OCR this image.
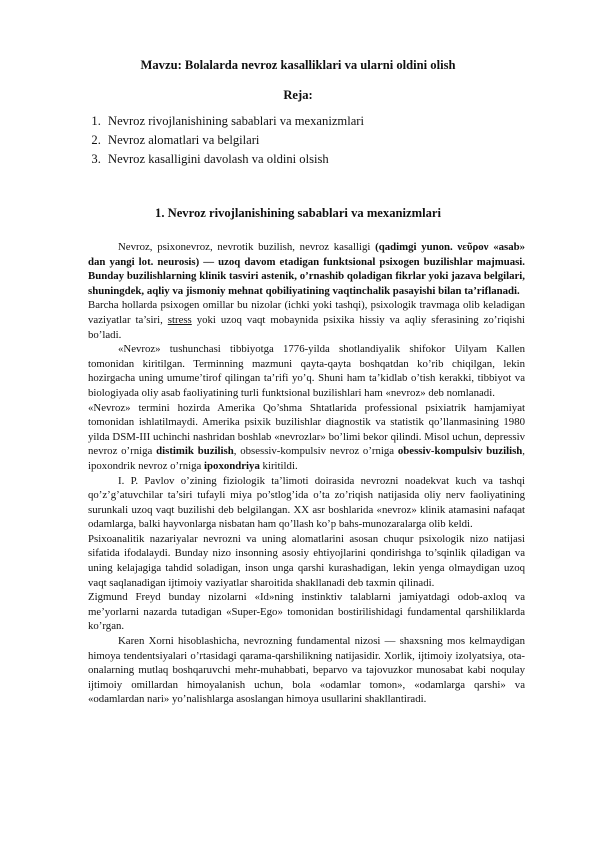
Mavzu: Bolalarda nevroz kasalliklari va ularni oldini olish
Reja:
1. Nevroz rivojlanishining sabablari va mexanizmlari
2. Nevroz alomatlari va belgilari
3. Nevroz kasalligini davolash va oldini olsish
1. Nevroz rivojlanishining sabablari va mexanizmlari

Nevroz, psixonevroz, nevrotik buzilish, nevroz kasalligi (qadimgi yunon. νεῦρον «asab» dan yangi lot. neurosis) — uzoq davom etadigan funktsional psixogen buzilishlar majmuasi. Bunday buzilishlarning klinik tasviri astenik, o’rnashib qoladigan fikrlar yoki jazava belgilari, shuningdek, aqliy va jismoniy mehnat qobiliyatining vaqtinchalik pasayishi bilan ta’riflanadi.

Barcha hollarda psixogen omillar bu nizolar (ichki yoki tashqi), psixologik travmaga olib keladigan vaziyatlar ta’siri, stress yoki uzoq vaqt mobaynida psixika hissiy va aqliy sferasining zo’riqishi bo’ladi.

«Nevroz» tushunchasi tibbiyotga 1776-yilda shotlandiyalik shifokor Uilyam Kallen tomonidan kiritilgan. Terminning mazmuni qayta-qayta boshqatdan ko’rib chiqilgan, lekin hozirgacha uning umume’tirof qilingan ta’rifi yo’q. Shuni ham ta’kidlab o’tish kerakki, tibbiyot va biologiyada oliy asab faoliyatining turli funktsional buzilishlari ham «nevroz» deb nomlanadi.

«Nevroz» termini hozirda Amerika Qo’shma Shtatlarida professional psixiatrik hamjamiyat tomonidan ishlatilmaydi. Amerika psixik buzilishlar diagnostik va statistik qo’llanmasining 1980 yilda DSM-III uchinchi nashridan boshlab «nevrozlar» bo’limi bekor qilindi. Misol uchun, depressiv nevroz o’rniga distimik buzilish, obsessiv-kompulsiv nevroz o’rniga obessiv-kompulsiv buzilish, ipoxondrik nevroz o’rniga ipoxondriya kiritildi.

I. P. Pavlov o’zining fiziologik ta’limoti doirasida nevrozni noadekvat kuch va tashqi qo’z’g’atuvchilar ta’siri tufayli miya po’stlog’ida o’ta zo’riqish natijasida oliy nerv faoliyatining surunkali uzoq vaqt buzilishi deb belgilangan. XX asr boshlarida «nevroz» klinik atamasini nafaqat odamlarga, balki hayvonlarga nisbatan ham qo’llash ko’p bahs-munozaralarga olib keldi.

Psixoanalitik nazariyalar nevrozni va uning alomatlarini asosan chuqur psixologik nizo natijasi sifatida ifodalaydi. Bunday nizo insonning asosiy ehtiyojlarini qondirishga to’sqinlik qiladigan va uning kelajagiga tahdid soladigan, inson unga qarshi kurashadigan, lekin yenga olmaydigan uzoq vaqt saqlanadigan ijtimoiy vaziyatlar sharoitida shakllanadi deb taxmin qilinadi.

Zigmund Freyd bunday nizolarni «Id»ning instinktiv talablarni jamiyatdagi odob-axloq va me’yorlarni nazarda tutadigan «Super-Ego» tomonidan bostirilishidagi fundamental qarshiliklarda ko’rgan.

Karen Xorni hisoblashicha, nevrozning fundamental nizosi — shaxsning mos kelmaydigan himoya tendentsiyalari o’rtasidagi qarama-qarshilikning natijasidir. Xorlik, ijtimoiy izolyatsiya, ota-onalarning mutlaq boshqaruvchi mehr-muhabbati, beparvo va tajovuzkor munosabat kabi noqulay ijtimoiy omillardan himoyalanish uchun, bola «odamlar tomon», «odamlarga qarshi» va «odamlardan nari» yo’nalishlarga asoslangan himoya usullarini shakllantiradi.
